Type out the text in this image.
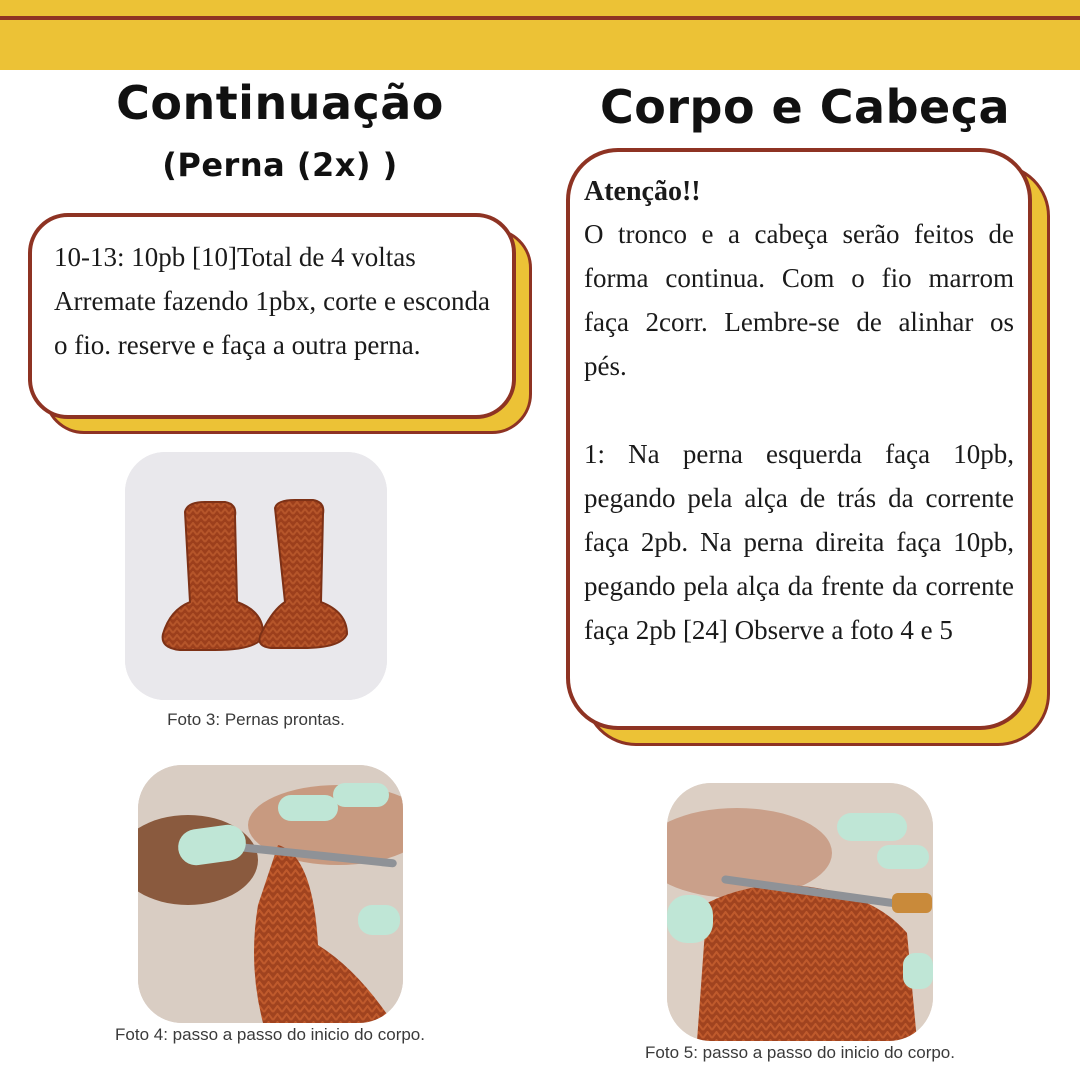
Continuação
(Perna (2x) )
Corpo e Cabeça

10-13: 10pb [10]Total de 4 voltas

Arremate fazendo 1pbx, corte e esconda o fio. reserve e faça a outra perna.

Atenção!!

O tronco e a cabeça serão feitos de forma continua. Com o fio marrom faça 2corr. Lembre-se de alinhar os pés.

1: Na perna esquerda faça 10pb, pegando pela alça de trás da corrente faça 2pb. Na perna direita faça 10pb, pegando pela alça da frente da corrente faça 2pb [24] Observe a foto 4 e 5

Foto 3: Pernas prontas.
Foto 4: passo a passo do inicio do corpo.
Foto 5: passo a passo do inicio do corpo.
